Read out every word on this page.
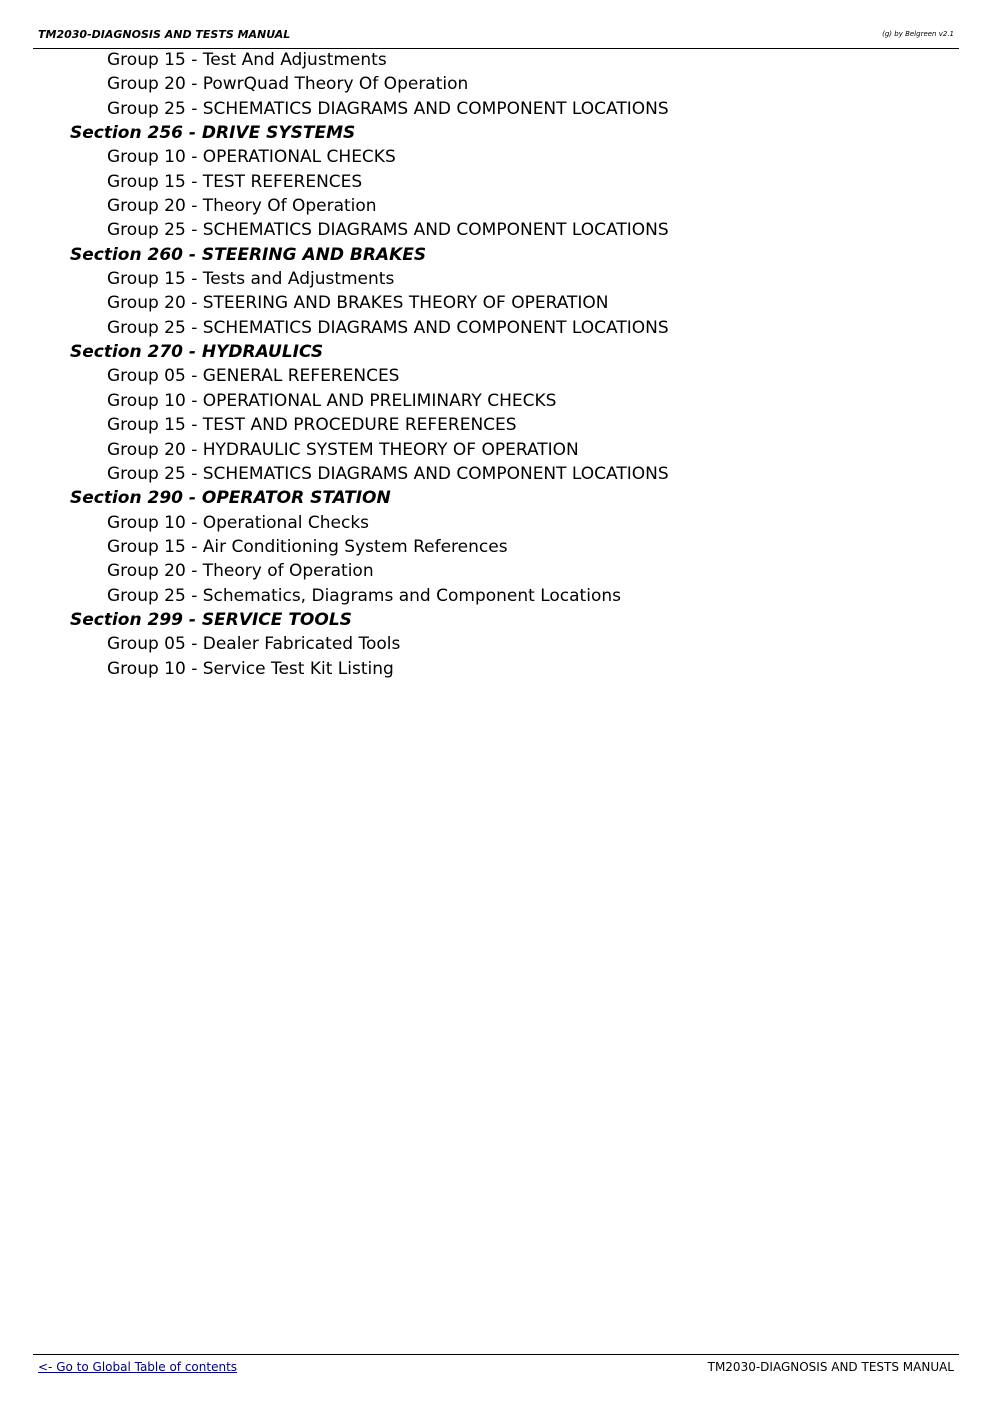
TM2030-DIAGNOSIS AND TESTS MANUAL	(g) by Belgreen v2.1
Group 15 - Test And Adjustments
Group 20 - PowrQuad Theory Of Operation
Group 25 - SCHEMATICS DIAGRAMS AND COMPONENT LOCATIONS
Section 256 - DRIVE SYSTEMS
Group 10 - OPERATIONAL CHECKS
Group 15 - TEST REFERENCES
Group 20 - Theory Of Operation
Group 25 - SCHEMATICS DIAGRAMS AND COMPONENT LOCATIONS
Section 260 - STEERING AND BRAKES
Group 15 - Tests and Adjustments
Group 20 - STEERING AND BRAKES THEORY OF OPERATION
Group 25 - SCHEMATICS DIAGRAMS AND COMPONENT LOCATIONS
Section 270 - HYDRAULICS
Group 05 - GENERAL REFERENCES
Group 10 - OPERATIONAL AND PRELIMINARY CHECKS
Group 15 - TEST AND PROCEDURE REFERENCES
Group 20 - HYDRAULIC SYSTEM THEORY OF OPERATION
Group 25 - SCHEMATICS DIAGRAMS AND COMPONENT LOCATIONS
Section 290 - OPERATOR STATION
Group 10 - Operational Checks
Group 15 - Air Conditioning System References
Group 20 - Theory of Operation
Group 25 - Schematics, Diagrams and Component Locations
Section 299 - SERVICE TOOLS
Group 05 - Dealer Fabricated Tools
Group 10 - Service Test Kit Listing
<- Go to Global Table of contents	TM2030-DIAGNOSIS AND TESTS MANUAL
